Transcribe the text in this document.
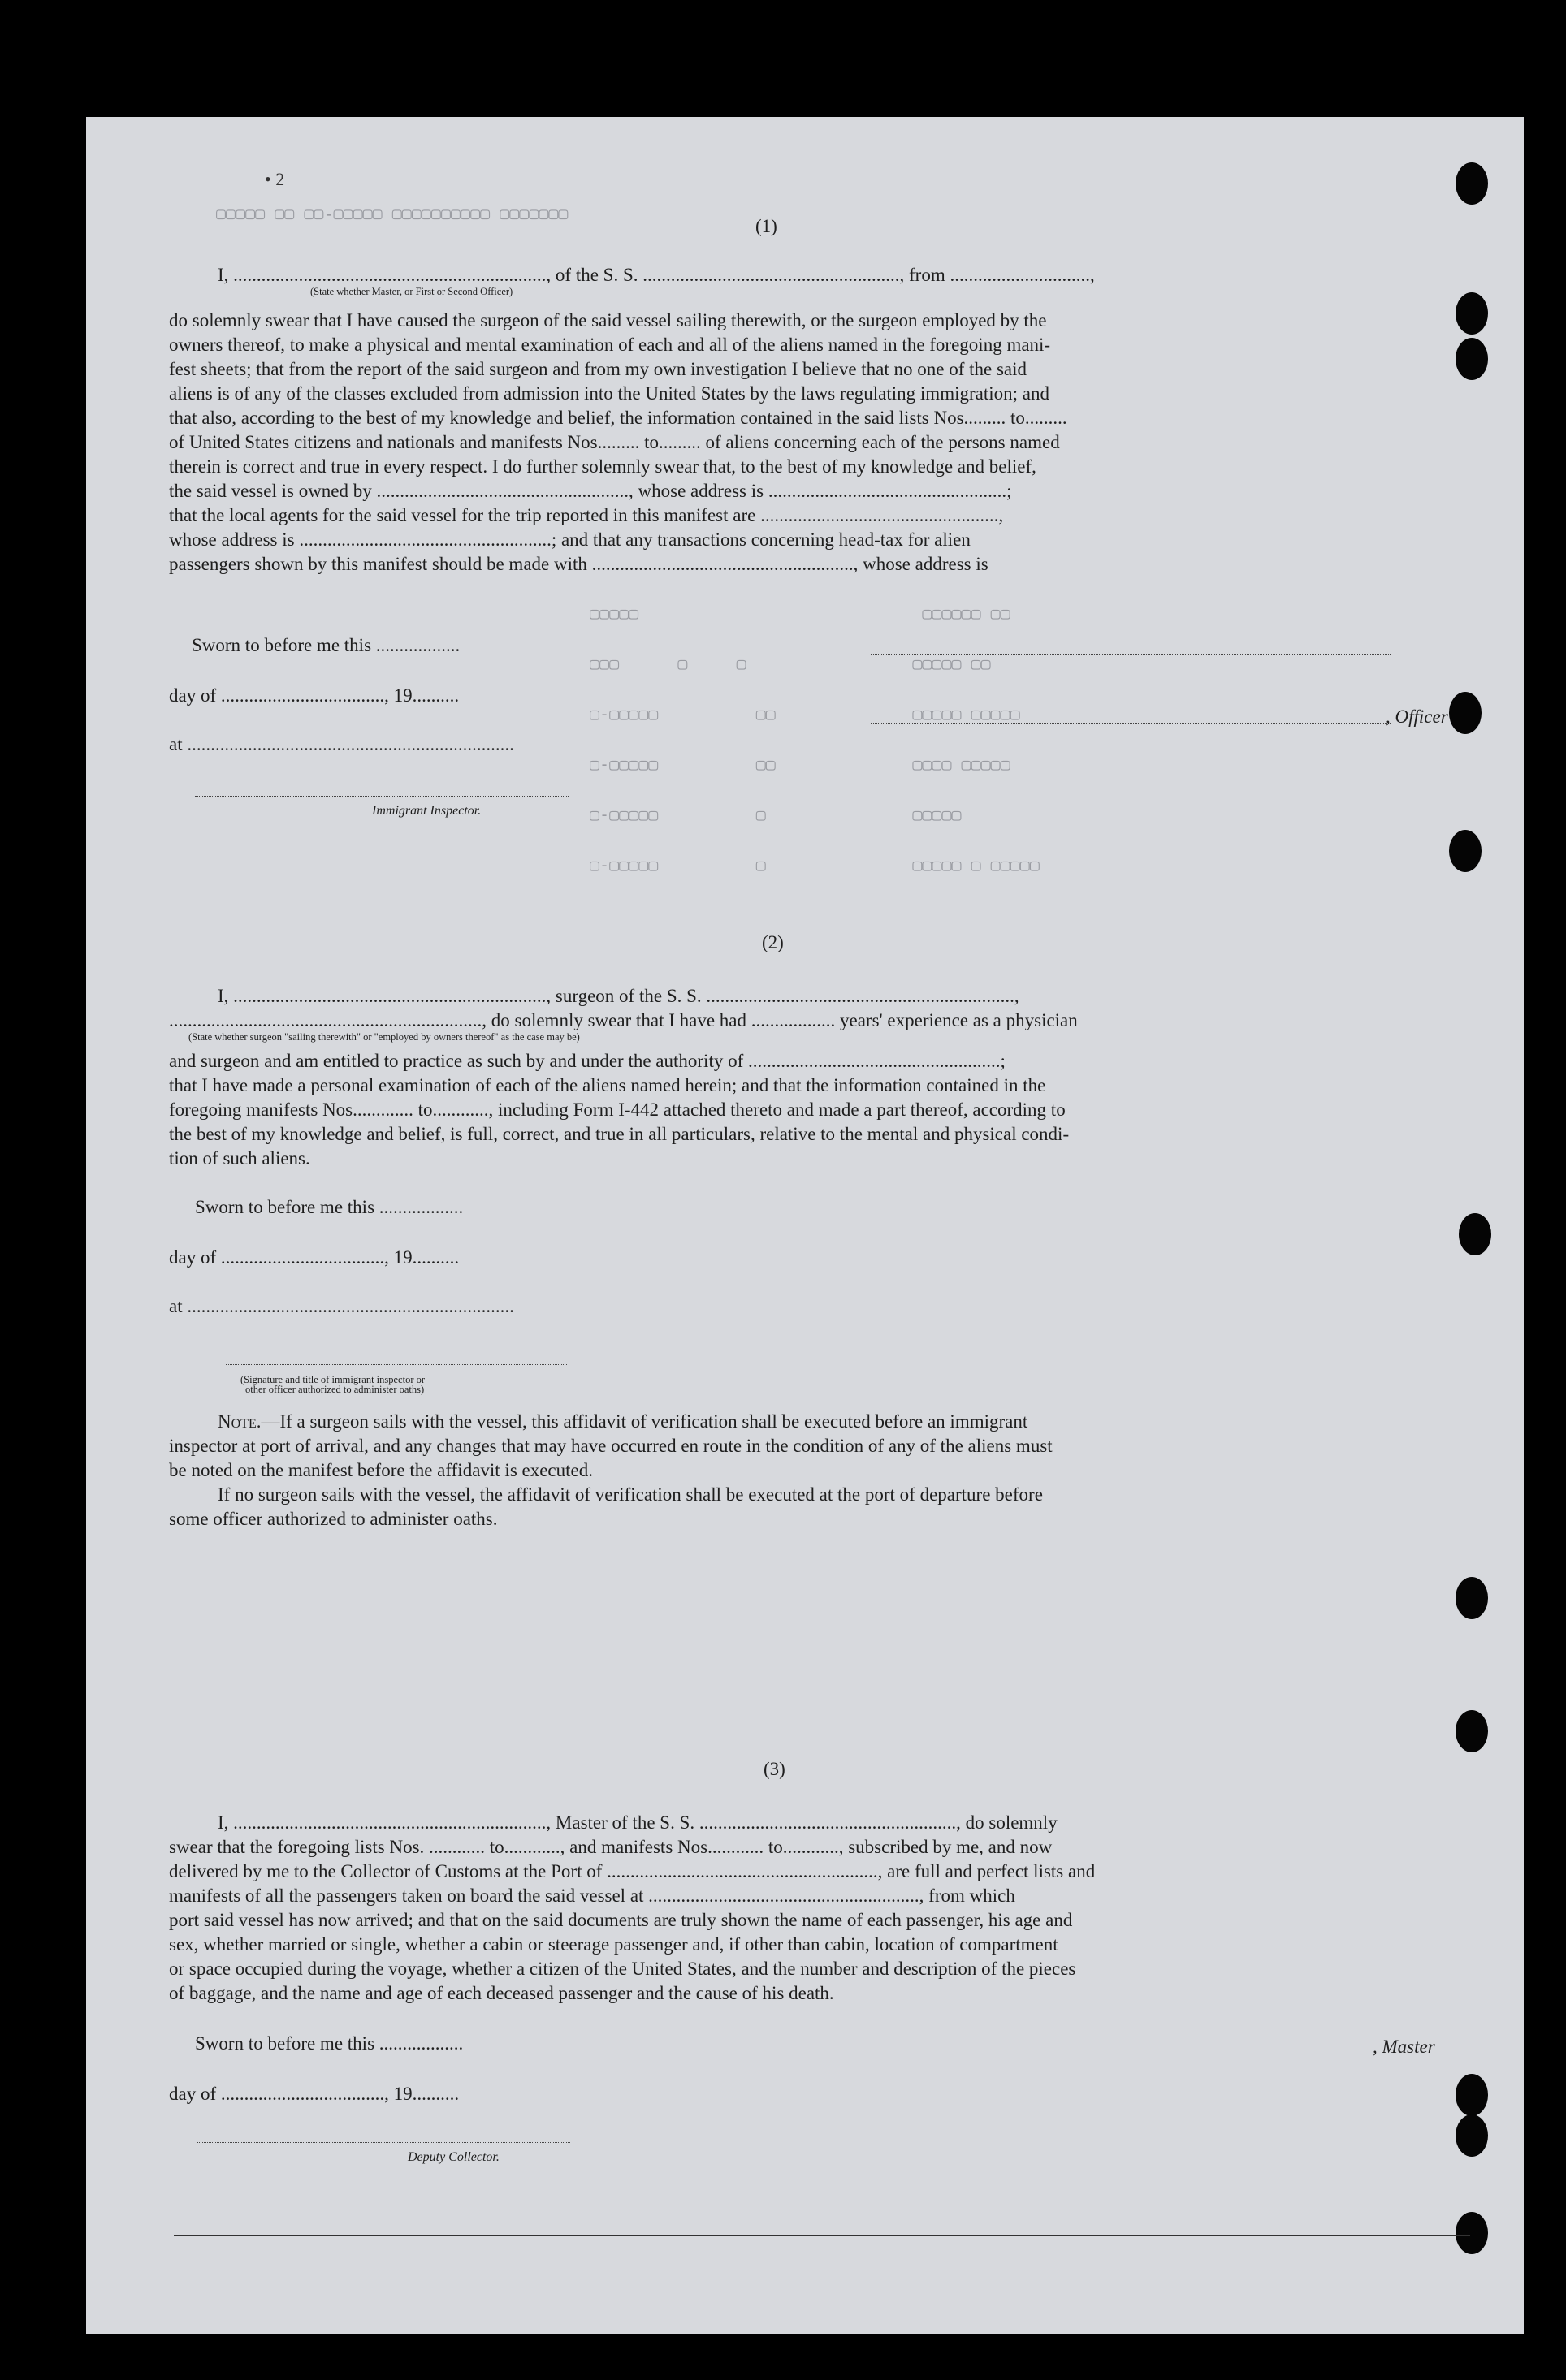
• 2
▢▢▢▢▢ ▢▢ ▢▢-▢▢▢▢▢ ▢▢▢▢▢▢▢▢▢▢ ▢▢▢▢▢▢▢	(1)
I, ..................................................................., of the S. S. ......................................................., from ..............................,
(State whether Master, or First or Second Officer)
do solemnly swear that I have caused the surgeon of the said vessel sailing therewith, or the surgeon employed by the
owners thereof, to make a physical and mental examination of each and all of the aliens named in the foregoing mani-
fest sheets; that from the report of the said surgeon and from my own investigation I believe that no one of the said
aliens is of any of the classes excluded from admission into the United States by the laws regulating immigration; and
that also, according to the best of my knowledge and belief, the information contained in the said lists Nos......... to.........
of United States citizens and nationals and manifests Nos......... to......... of aliens concerning each of the persons named
therein is correct and true in every respect. I do further solemnly swear that, to the best of my knowledge and belief,
the said vessel is owned by ......................................................, whose address is ...................................................;
that the local agents for the said vessel for the trip reported in this manifest are ...................................................,
whose address is ......................................................; and that any transactions concerning head-tax for alien
passengers shown by this manifest should be made with ........................................................, whose address is
▢▢▢▢▢                             ▢▢▢▢▢▢ ▢▢
▢▢▢      ▢     ▢                 ▢▢▢▢▢ ▢▢
▢-▢▢▢▢▢          ▢▢              ▢▢▢▢▢ ▢▢▢▢▢
▢-▢▢▢▢▢          ▢▢              ▢▢▢▢ ▢▢▢▢▢
▢-▢▢▢▢▢          ▢               ▢▢▢▢▢
▢-▢▢▢▢▢          ▢               ▢▢▢▢▢ ▢ ▢▢▢▢▢
Sworn to before me this ..................
day of ..................................., 19..........
, Officer
at ......................................................................
Immigrant Inspector.
(2)
I, ..................................................................., surgeon of the S. S. ..................................................................,
..................................................................., do solemnly swear that I have had .................. years' experience as a physician
(State whether surgeon "sailing therewith" or "employed by owners thereof" as the case may be)
and surgeon and am entitled to practice as such by and under the authority of ......................................................;
that I have made a personal examination of each of the aliens named herein; and that the information contained in the
foregoing manifests Nos............. to............, including Form I-442 attached thereto and made a part thereof, according to
the best of my knowledge and belief, is full, correct, and true in all particulars, relative to the mental and physical condi-
tion of such aliens.
Sworn to before me this ..................
day of ..................................., 19..........
at ......................................................................
(Signature and title of immigrant inspector or
other officer authorized to administer oaths)
Note.—If a surgeon sails with the vessel, this affidavit of verification shall be executed before an immigrant
inspector at port of arrival, and any changes that may have occurred en route in the condition of any of the aliens must
be noted on the manifest before the affidavit is executed.
If no surgeon sails with the vessel, the affidavit of verification shall be executed at the port of departure before
some officer authorized to administer oaths.
(3)
I, ..................................................................., Master of the S. S. ......................................................., do solemnly
swear that the foregoing lists Nos. ............ to............, and manifests Nos............ to............, subscribed by me, and now
delivered by me to the Collector of Customs at the Port of .........................................................., are full and perfect lists and
manifests of all the passengers taken on board the said vessel at .........................................................., from which
port said vessel has now arrived; and that on the said documents are truly shown the name of each passenger, his age and
sex, whether married or single, whether a cabin or steerage passenger and, if other than cabin, location of compartment
or space occupied during the voyage, whether a citizen of the United States, and the number and description of the pieces
of baggage, and the name and age of each deceased passenger and the cause of his death.
Sworn to before me this ..................	, Master
day of ..................................., 19..........
Deputy Collector.
